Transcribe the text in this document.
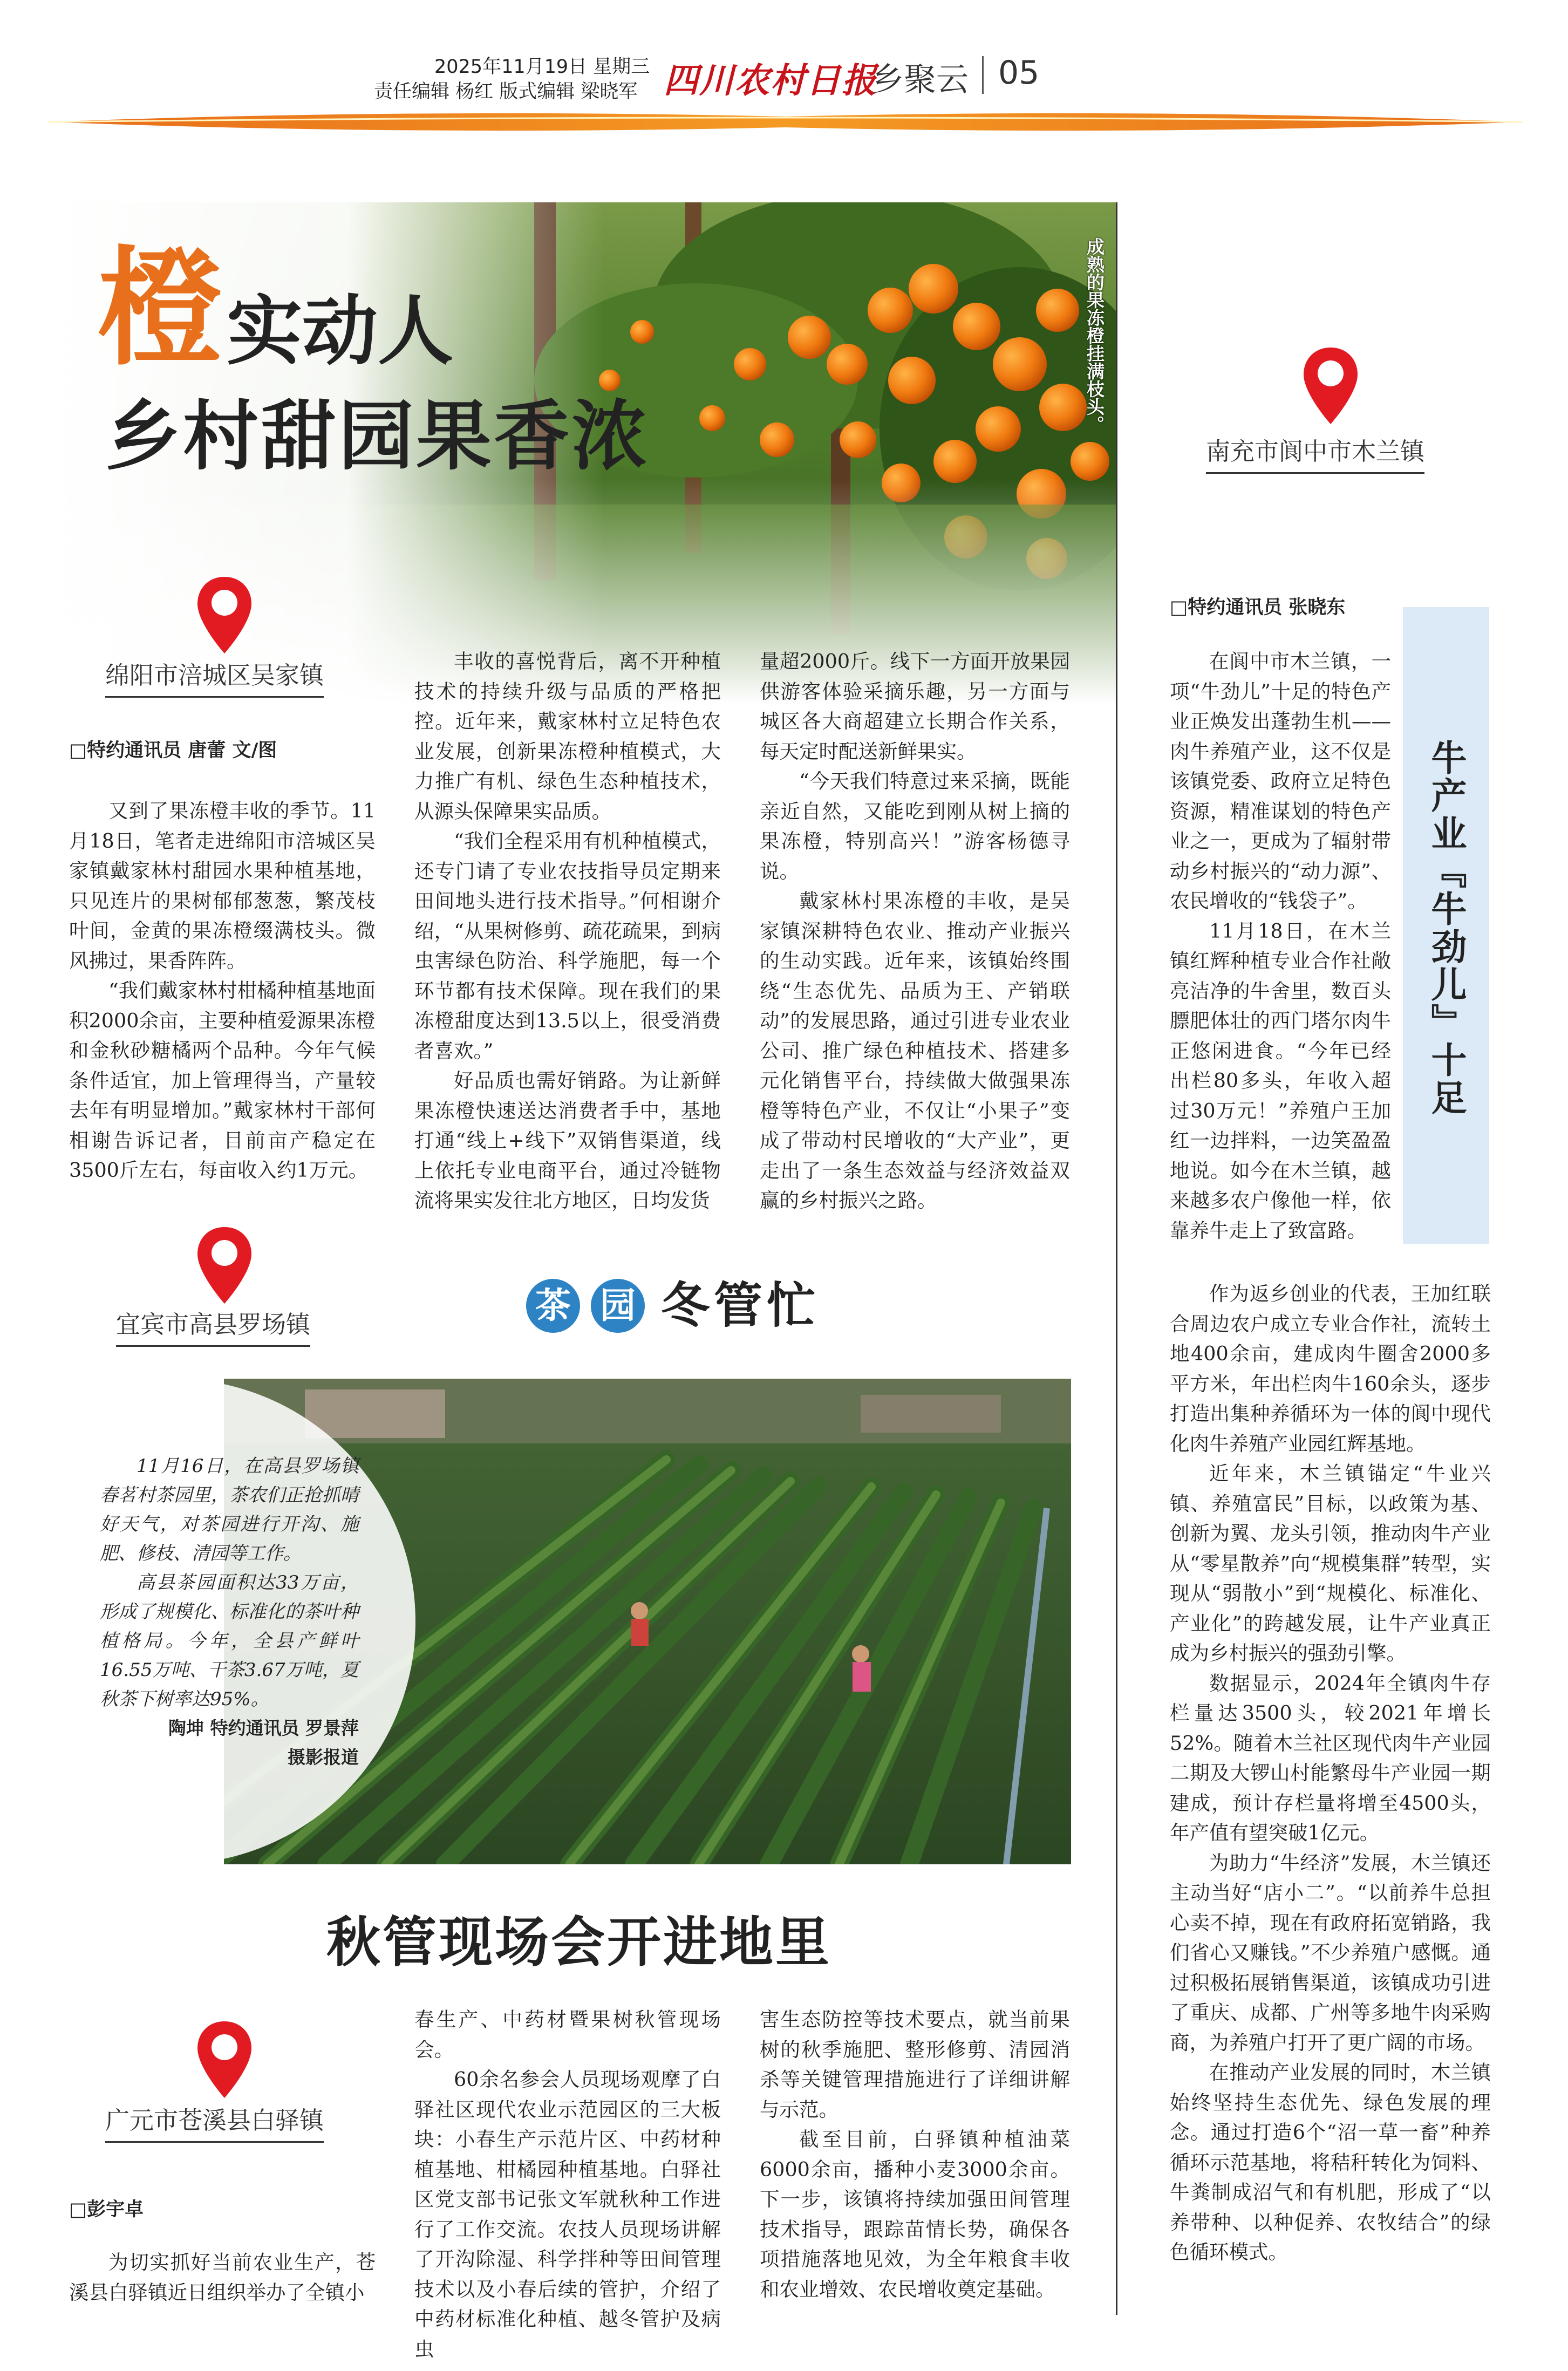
2025年11月19日 星期三
责任编辑 杨红 版式编辑 梁晓军 四川农村日报
乡聚云 05
橙 实动人
乡村甜园果香浓
成熟的果冻橙挂满枝头。
绵阳市涪城区吴家镇
□特约通讯员 唐蕾 文/图

又到了果冻橙丰收的季节。11月18日，笔者走进绵阳市涪城区吴家镇戴家林村甜园水果种植基地，只见连片的果树郁郁葱葱，繁茂枝叶间，金黄的果冻橙缀满枝头。微风拂过，果香阵阵。

“我们戴家林村柑橘种植基地面积2000余亩，主要种植爱源果冻橙和金秋砂糖橘两个品种。今年气候条件适宜，加上管理得当，产量较去年有明显增加。”戴家林村干部何相谢告诉记者，目前亩产稳定在3500斤左右，每亩收入约1万元。

丰收的喜悦背后，离不开种植技术的持续升级与品质的严格把控。近年来，戴家林村立足特色农业发展，创新果冻橙种植模式，大力推广有机、绿色生态种植技术，从源头保障果实品质。

“我们全程采用有机种植模式，还专门请了专业农技指导员定期来田间地头进行技术指导。”何相谢介绍，“从果树修剪、疏花疏果，到病虫害绿色防治、科学施肥，每一个环节都有技术保障。现在我们的果冻橙甜度达到13.5以上，很受消费者喜欢。”

好品质也需好销路。为让新鲜果冻橙快速送达消费者手中，基地打通“线上+线下”双销售渠道，线上依托专业电商平台，通过冷链物流将果实发往北方地区，日均发货

量超2000斤。线下一方面开放果园供游客体验采摘乐趣，另一方面与城区各大商超建立长期合作关系，每天定时配送新鲜果实。

“今天我们特意过来采摘，既能亲近自然，又能吃到刚从树上摘的果冻橙，特别高兴！”游客杨德寻说。

戴家林村果冻橙的丰收，是吴家镇深耕特色农业、推动产业振兴的生动实践。近年来，该镇始终围绕“生态优先、品质为王、产销联动”的发展思路，通过引进专业农业公司、推广绿色种植技术、搭建多元化销售平台，持续做大做强果冻橙等特色产业，不仅让“小果子”变成了带动村民增收的“大产业”，更走出了一条生态效益与经济效益双赢的乡村振兴之路。

宜宾市高县罗场镇	茶 园 冬管忙

11月16日，在高县罗场镇春茗村茶园里，茶农们正抢抓晴好天气，对茶园进行开沟、施肥、修枝、清园等工作。

高县茶园面积达33万亩，形成了规模化、标准化的茶叶种植格局。今年，全县产鲜叶16.55万吨、干茶3.67万吨，夏秋茶下树率达95%。

陶坤 特约通讯员 罗景萍
摄影报道
秋管现场会开进地里
广元市苍溪县白驿镇
□彭宇卓

为切实抓好当前农业生产，苍溪县白驿镇近日组织举办了全镇小

春生产、中药材暨果树秋管现场会。

60余名参会人员现场观摩了白驿社区现代农业示范园区的三大板块：小春生产示范片区、中药材种植基地、柑橘园种植基地。白驿社区党支部书记张文军就秋种工作进行了工作交流。农技人员现场讲解了开沟除湿、科学拌种等田间管理技术以及小春后续的管护，介绍了中药材标准化种植、越冬管护及病虫

害生态防控等技术要点，就当前果树的秋季施肥、整形修剪、清园消杀等关键管理措施进行了详细讲解与示范。

截至目前，白驿镇种植油菜6000余亩，播种小麦3000余亩。下一步，该镇将持续加强田间管理技术指导，跟踪苗情长势，确保各项措施落地见效，为全年粮食丰收和农业增效、农民增收奠定基础。

南充市阆中市木兰镇
□特约通讯员 张晓东
牛产业『牛劲儿』十足

在阆中市木兰镇，一项“牛劲儿”十足的特色产业正焕发出蓬勃生机——肉牛养殖产业，这不仅是该镇党委、政府立足特色资源，精准谋划的特色产业之一，更成为了辐射带动乡村振兴的“动力源”、农民增收的“钱袋子”。

11月18日，在木兰镇红辉种植专业合作社敞亮洁净的牛舍里，数百头膘肥体壮的西门塔尔肉牛正悠闲进食。“今年已经出栏80多头，年收入超过30万元！”养殖户王加红一边拌料，一边笑盈盈地说。如今在木兰镇，越来越多农户像他一样，依靠养牛走上了致富路。

作为返乡创业的代表，王加红联合周边农户成立专业合作社，流转土地400余亩，建成肉牛圈舍2000多平方米，年出栏肉牛160余头，逐步打造出集种养循环为一体的阆中现代化肉牛养殖产业园红辉基地。

近年来，木兰镇锚定“牛业兴镇、养殖富民”目标，以政策为基、创新为翼、龙头引领，推动肉牛产业从“零星散养”向“规模集群”转型，实现从“弱散小”到“规模化、标准化、产业化”的跨越发展，让牛产业真正成为乡村振兴的强劲引擎。

数据显示，2024年全镇肉牛存栏量达3500头，较2021年增长52%。随着木兰社区现代肉牛产业园二期及大锣山村能繁母牛产业园一期建成，预计存栏量将增至4500头，年产值有望突破1亿元。

为助力“牛经济”发展，木兰镇还主动当好“店小二”。“以前养牛总担心卖不掉，现在有政府拓宽销路，我们省心又赚钱。”不少养殖户感慨。通过积极拓展销售渠道，该镇成功引进了重庆、成都、广州等多地牛肉采购商，为养殖户打开了更广阔的市场。

在推动产业发展的同时，木兰镇始终坚持生态优先、绿色发展的理念。通过打造6个“沼一草一畜”种养循环示范基地，将秸秆转化为饲料、牛粪制成沼气和有机肥，形成了“以养带种、以种促养、农牧结合”的绿色循环模式。
